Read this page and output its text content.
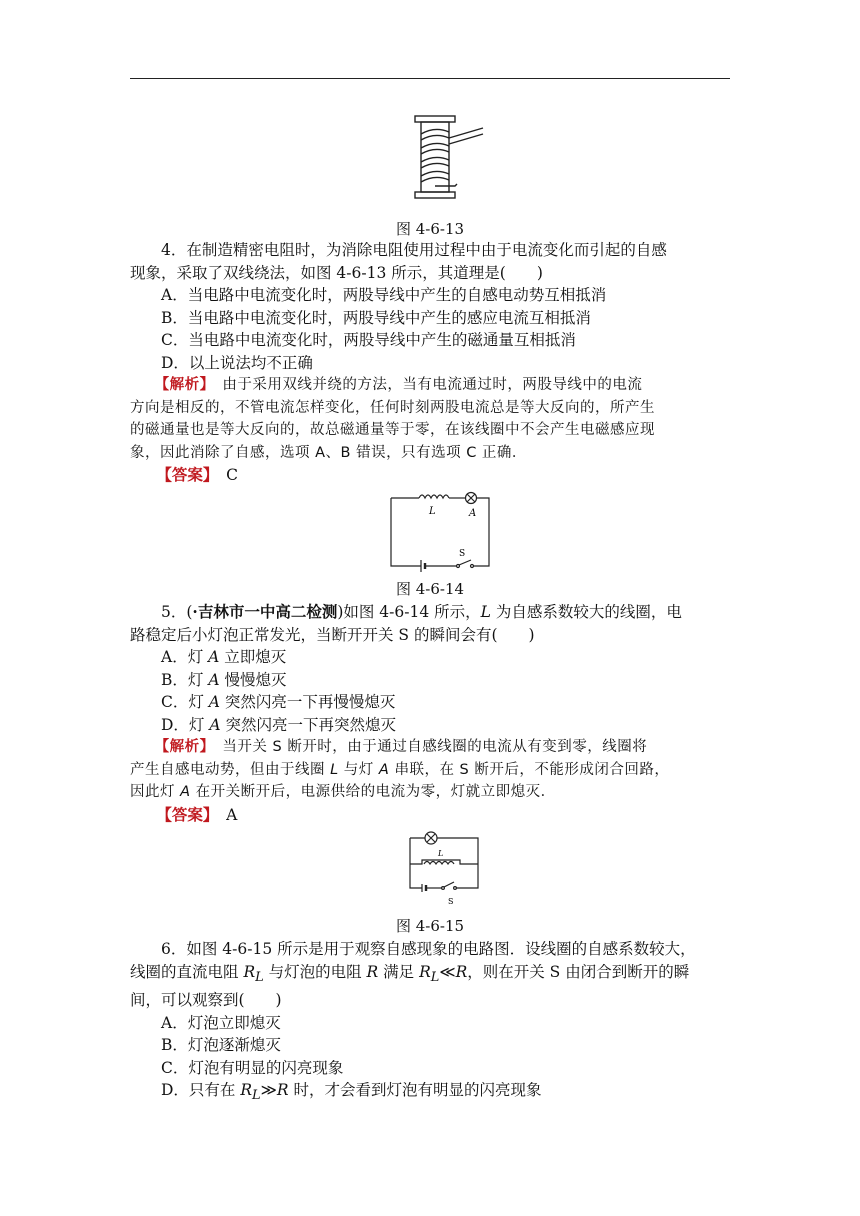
图 4-6-13

4．在制造精密电阻时，为消除电阻使用过程中由于电流变化而引起的自感

现象，采取了双线绕法，如图 4-6-13 所示，其道理是(　　)

A．当电路中电流变化时，两股导线中产生的自感电动势互相抵消

B．当电路中电流变化时，两股导线中产生的感应电流互相抵消

C．当电路中电流变化时，两股导线中产生的磁通量互相抵消

D．以上说法均不正确

【解析】　由于采用双线并绕的方法，当有电流通过时，两股导线中的电流

方向是相反的，不管电流怎样变化，任何时刻两股电流总是等大反向的，所产生

的磁通量也是等大反向的，故总磁通量等于零，在该线圈中不会产生电磁感应现

象，因此消除了自感，选项 A、B 错误，只有选项 C 正确．

【答案】　C

L	A
S
图 4-6-14

5．(·吉林市一中高二检测)如图 4-6-14 所示，L 为自感系数较大的线圈，电

路稳定后小灯泡正常发光，当断开开关 S 的瞬间会有(　　)

A．灯 A 立即熄灭

B．灯 A 慢慢熄灭

C．灯 A 突然闪亮一下再慢慢熄灭

D．灯 A 突然闪亮一下再突然熄灭

【解析】　当开关 S 断开时，由于通过自感线圈的电流从有变到零，线圈将

产生自感电动势，但由于线圈 L 与灯 A 串联，在 S 断开后，不能形成闭合回路，

因此灯 A 在开关断开后，电源供给的电流为零，灯就立即熄灭．

【答案】　A

L
S
图 4-6-15

6．如图 4-6-15 所示是用于观察自感现象的电路图．设线圈的自感系数较大，

线圈的直流电阻 $R_L$ 与灯泡的电阻 R 满足 $R_L≪R$，则在开关 S 由闭合到断开的瞬

间，可以观察到(　　)

A．灯泡立即熄灭

B．灯泡逐渐熄灭

C．灯泡有明显的闪亮现象

D．只有在 $R_L≫R$ 时，才会看到灯泡有明显的闪亮现象
